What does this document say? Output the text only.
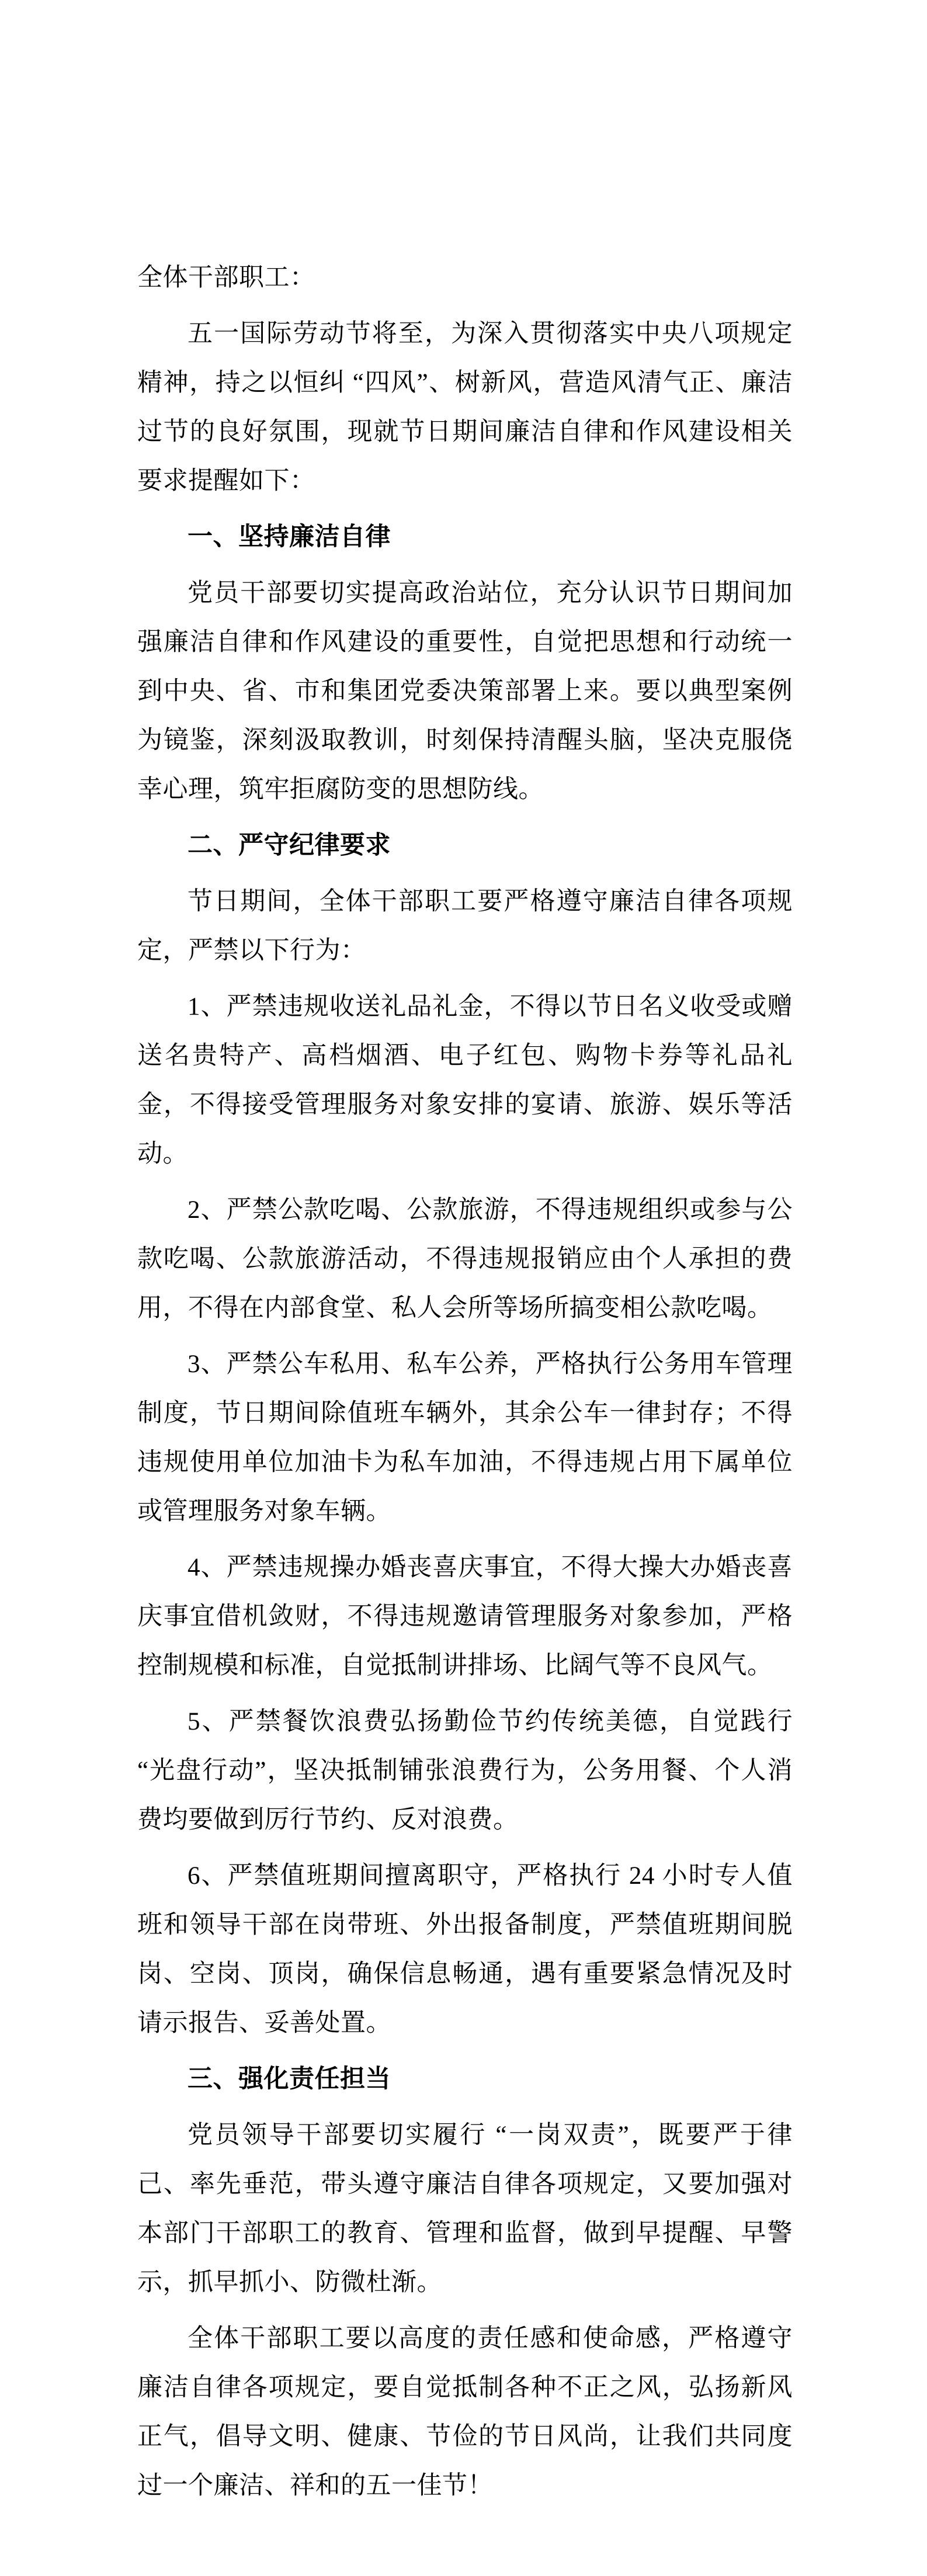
全体干部职工：

五一国际劳动节将至，为深入贯彻落实中央八项规定精神，持之以恒纠 “四风”、树新风，营造风清气正、廉洁过节的良好氛围，现就节日期间廉洁自律和作风建设相关要求提醒如下：

一、坚持廉洁自律

党员干部要切实提高政治站位，充分认识节日期间加强廉洁自律和作风建设的重要性，自觉把思想和行动统一到中央、省、市和集团党委决策部署上来。要以典型案例为镜鉴，深刻汲取教训，时刻保持清醒头脑，坚决克服侥幸心理，筑牢拒腐防变的思想防线。

二、严守纪律要求

节日期间，全体干部职工要严格遵守廉洁自律各项规定，严禁以下行为：

1、严禁违规收送礼品礼金，不得以节日名义收受或赠送名贵特产、高档烟酒、电子红包、购物卡券等礼品礼金，不得接受管理服务对象安排的宴请、旅游、娱乐等活动。

2、严禁公款吃喝、公款旅游，不得违规组织或参与公款吃喝、公款旅游活动，不得违规报销应由个人承担的费用，不得在内部食堂、私人会所等场所搞变相公款吃喝。

3、严禁公车私用、私车公养，严格执行公务用车管理制度，节日期间除值班车辆外，其余公车一律封存；不得违规使用单位加油卡为私车加油，不得违规占用下属单位或管理服务对象车辆。

4、严禁违规操办婚丧喜庆事宜，不得大操大办婚丧喜庆事宜借机敛财，不得违规邀请管理服务对象参加，严格控制规模和标准，自觉抵制讲排场、比阔气等不良风气。

5、严禁餐饮浪费弘扬勤俭节约传统美德，自觉践行 “光盘行动”，坚决抵制铺张浪费行为，公务用餐、个人消费均要做到厉行节约、反对浪费。

6、严禁值班期间擅离职守，严格执行 24 小时专人值班和领导干部在岗带班、外出报备制度，严禁值班期间脱岗、空岗、顶岗，确保信息畅通，遇有重要紧急情况及时请示报告、妥善处置。

三、强化责任担当

党员领导干部要切实履行 “一岗双责”，既要严于律己、率先垂范，带头遵守廉洁自律各项规定，又要加强对本部门干部职工的教育、管理和监督，做到早提醒、早警示，抓早抓小、防微杜渐。

全体干部职工要以高度的责任感和使命感，严格遵守廉洁自律各项规定，要自觉抵制各种不正之风，弘扬新风正气，倡导文明、健康、节俭的节日风尚，让我们共同度过一个廉洁、祥和的五一佳节！
